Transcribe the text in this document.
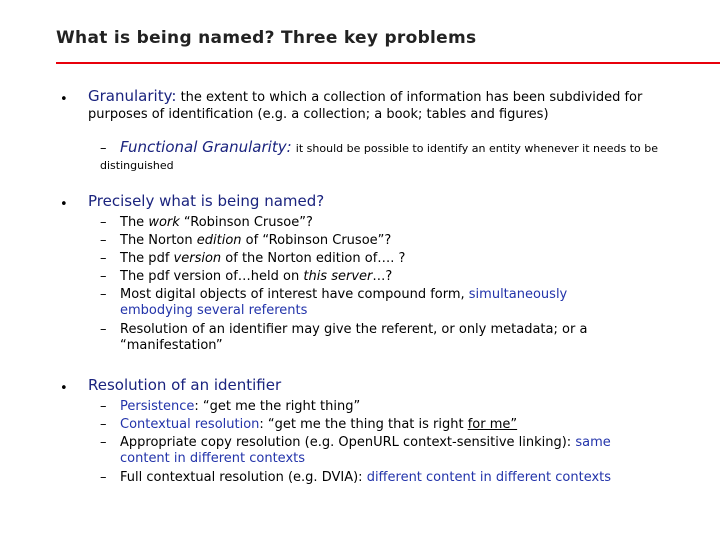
What is being named? Three key problems
• Granularity: the extent to which a collection of information has been subdivided for purposes of identification (e.g. a collection; a book; tables and figures)
– Functional Granularity: it should be possible to identify an entity whenever it needs to be distinguished
• Precisely what is being named?
–	The work “Robinson Crusoe”?
–	The Norton edition of “Robinson Crusoe”?
–	The pdf version of the Norton edition of…. ?
–	The pdf version of…held on this server…?
–	Most digital objects of interest have compound form, simultaneously embodying several referents
–	Resolution of an identifier may give the referent, or only metadata; or a “manifestation”
• Resolution of an identifier
–	Persistence: “get me the right thing”
–	Contextual resolution: “get me the thing that is right for me”
–	Appropriate copy resolution (e.g. OpenURL context-sensitive linking): same content in different contexts
–	Full contextual resolution (e.g. DVIA): different content in different contexts
